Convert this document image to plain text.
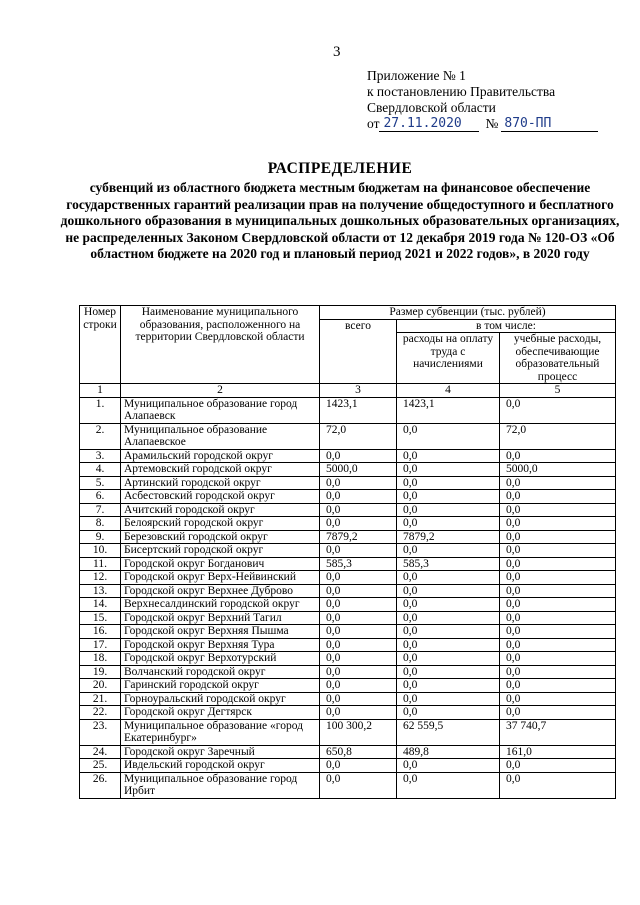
3
Приложение № 1
к постановлению Правительства
Свердловской области
от 27.11.2020	№ 870-ПП
РАСПРЕДЕЛЕНИЕ
субвенций из областного бюджета местным бюджетам на финансовое обеспечение государственных гарантий реализации прав на получение общедоступного и бесплатного дошкольного образования в муниципальных дошкольных образовательных организациях, не распределенных Законом Свердловской области от 12 декабря 2019 года № 120-ОЗ «Об областном бюджете на 2020 год и плановый период 2021 и 2022 годов», в 2020 году
Номер строки	Наименование муниципального образования, расположенного на территории Свердловской области	Размер субвенции (тыс. рублей)		
		всего	в том числе:	
			расходы на оплату труда с начислениями	учебные расходы, обеспечивающие образовательный процесс
1	2	3	4	5
1.	Муниципальное образование город Алапаевск	1423,1	1423,1	0,0
2.	Муниципальное образование Алапаевское	72,0	0,0	72,0
3.	Арамильский городской округ	0,0	0,0	0,0
4.	Артемовский городской округ	5000,0	0,0	5000,0
5.	Артинский городской округ	0,0	0,0	0,0
6.	Асбестовский городской округ	0,0	0,0	0,0
7.	Ачитский городской округ	0,0	0,0	0,0
8.	Белоярский городской округ	0,0	0,0	0,0
9.	Березовский городской округ	7879,2	7879,2	0,0
10.	Бисертский городской округ	0,0	0,0	0,0
11.	Городской округ Богданович	585,3	585,3	0,0
12.	Городской округ Верх-Нейвинский	0,0	0,0	0,0
13.	Городской округ Верхнее Дуброво	0,0	0,0	0,0
14.	Верхнесалдинский городской округ	0,0	0,0	0,0
15.	Городской округ Верхний Тагил	0,0	0,0	0,0
16.	Городской округ Верхняя Пышма	0,0	0,0	0,0
17.	Городской округ Верхняя Тура	0,0	0,0	0,0
18.	Городской округ Верхотурский	0,0	0,0	0,0
19.	Волчанский городской округ	0,0	0,0	0,0
20.	Гаринский городской округ	0,0	0,0	0,0
21.	Горноуральский городской округ	0,0	0,0	0,0
22.	Городской округ Дегтярск	0,0	0,0	0,0
23.	Муниципальное образование «город Екатеринбург»	100 300,2	62 559,5	37 740,7
24.	Городской округ Заречный	650,8	489,8	161,0
25.	Ивдельский городской округ	0,0	0,0	0,0
26.	Муниципальное образование город Ирбит	0,0	0,0	0,0
